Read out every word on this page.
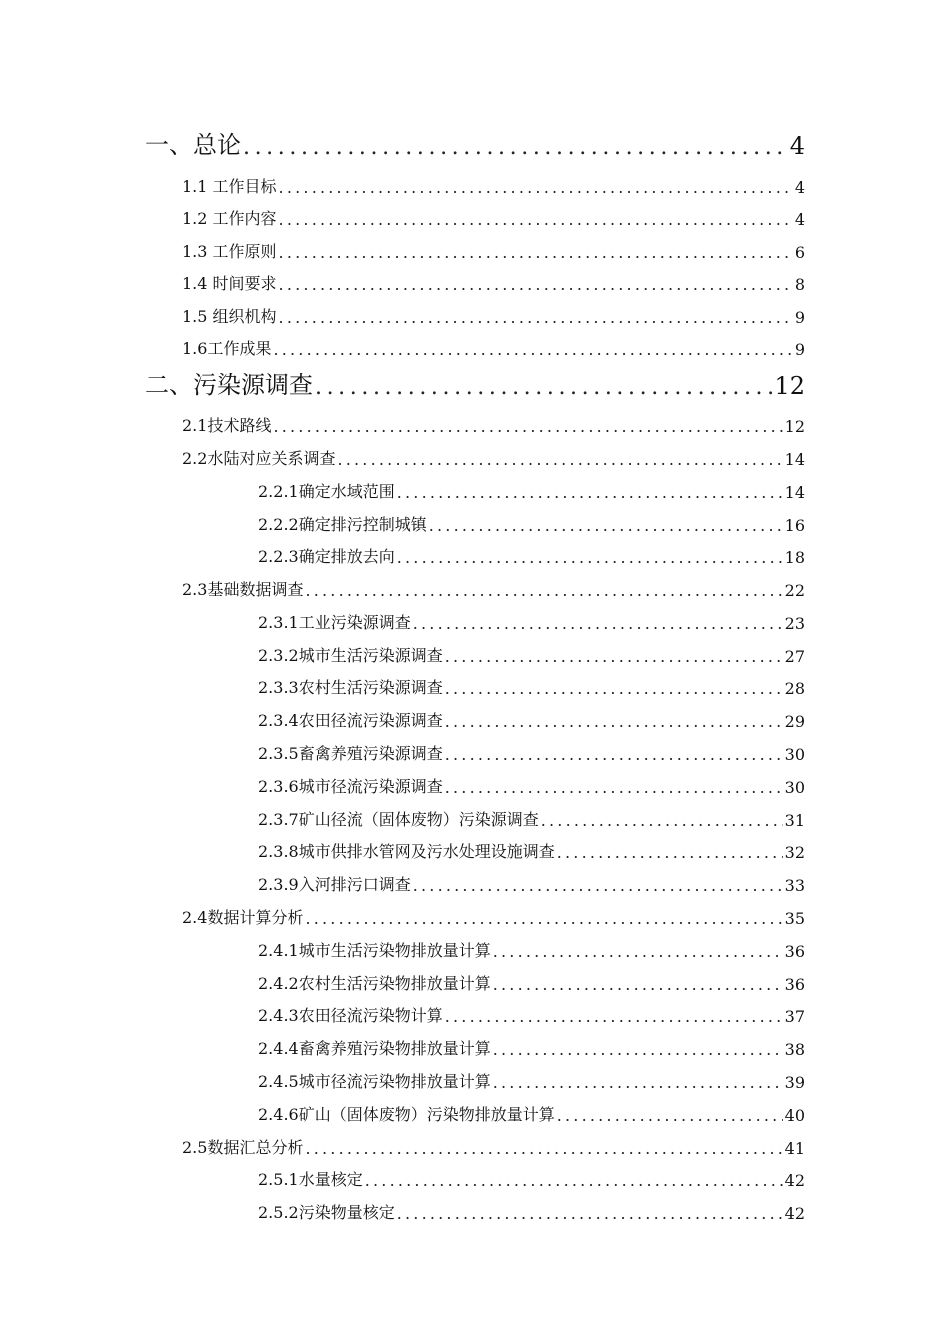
一、总论 .....	4
1.1 工作目标 .....	4
1.2 工作内容 .....	4
1.3 工作原则 .....	6
1.4 时间要求 .....	8
1.5 组织机构 .....	9
1.6工作成果 .....	9
二、污染源调查 .....	12
2.1技术路线 .....	12
2.2水陆对应关系调查 .....	14
2.2.1确定水域范围 .....	14
2.2.2确定排污控制城镇 .....	16
2.2.3确定排放去向 .....	18
2.3基础数据调查 .....	22
2.3.1工业污染源调查 .....	23
2.3.2城市生活污染源调查 .....	27
2.3.3农村生活污染源调查 .....	28
2.3.4农田径流污染源调查 .....	29
2.3.5畜禽养殖污染源调查 .....	30
2.3.6城市径流污染源调查 .....	30
2.3.7矿山径流（固体废物）污染源调查 .....	31
2.3.8城市供排水管网及污水处理设施调查 .....	32
2.3.9入河排污口调查 .....	33
2.4数据计算分析 .....	35
2.4.1城市生活污染物排放量计算 .....	36
2.4.2农村生活污染物排放量计算 .....	36
2.4.3农田径流污染物计算 .....	37
2.4.4畜禽养殖污染物排放量计算 .....	38
2.4.5城市径流污染物排放量计算 .....	39
2.4.6矿山（固体废物）污染物排放量计算 .....	40
2.5数据汇总分析 .....	41
2.5.1水量核定 .....	42
2.5.2污染物量核定 .....	42
